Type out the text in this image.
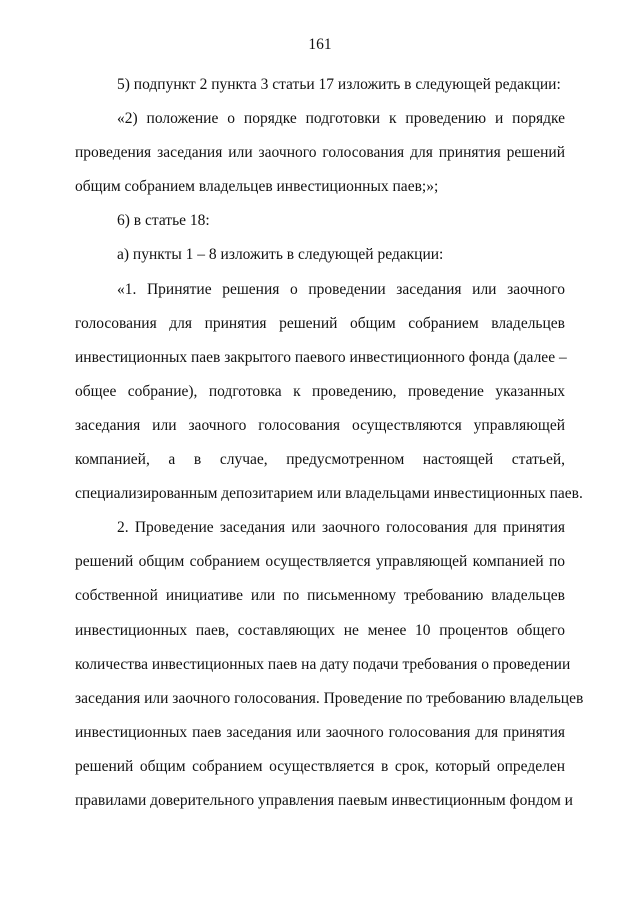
161
5) подпункт 2 пункта 3 статьи 17 изложить в следующей редакции:
«2) положение о порядке подготовки к проведению и порядке
проведения заседания или заочного голосования для принятия решений
общим собранием владельцев инвестиционных паев;»;
6) в статье 18:
а) пункты 1 – 8 изложить в следующей редакции:
«1. Принятие решения о проведении заседания или заочного
голосования для принятия решений общим собранием владельцев
инвестиционных паев закрытого паевого инвестиционного фонда (далее –
общее собрание), подготовка к проведению, проведение указанных
заседания или заочного голосования осуществляются управляющей
компанией, а в случае, предусмотренном настоящей статьей,
специализированным депозитарием или владельцами инвестиционных паев.
2. Проведение заседания или заочного голосования для принятия
решений общим собранием осуществляется управляющей компанией по
собственной инициативе или по письменному требованию владельцев
инвестиционных паев, составляющих не менее 10 процентов общего
количества инвестиционных паев на дату подачи требования о проведении
заседания или заочного голосования. Проведение по требованию владельцев
инвестиционных паев заседания или заочного голосования для принятия
решений общим собранием осуществляется в срок, который определен
правилами доверительного управления паевым инвестиционным фондом и
